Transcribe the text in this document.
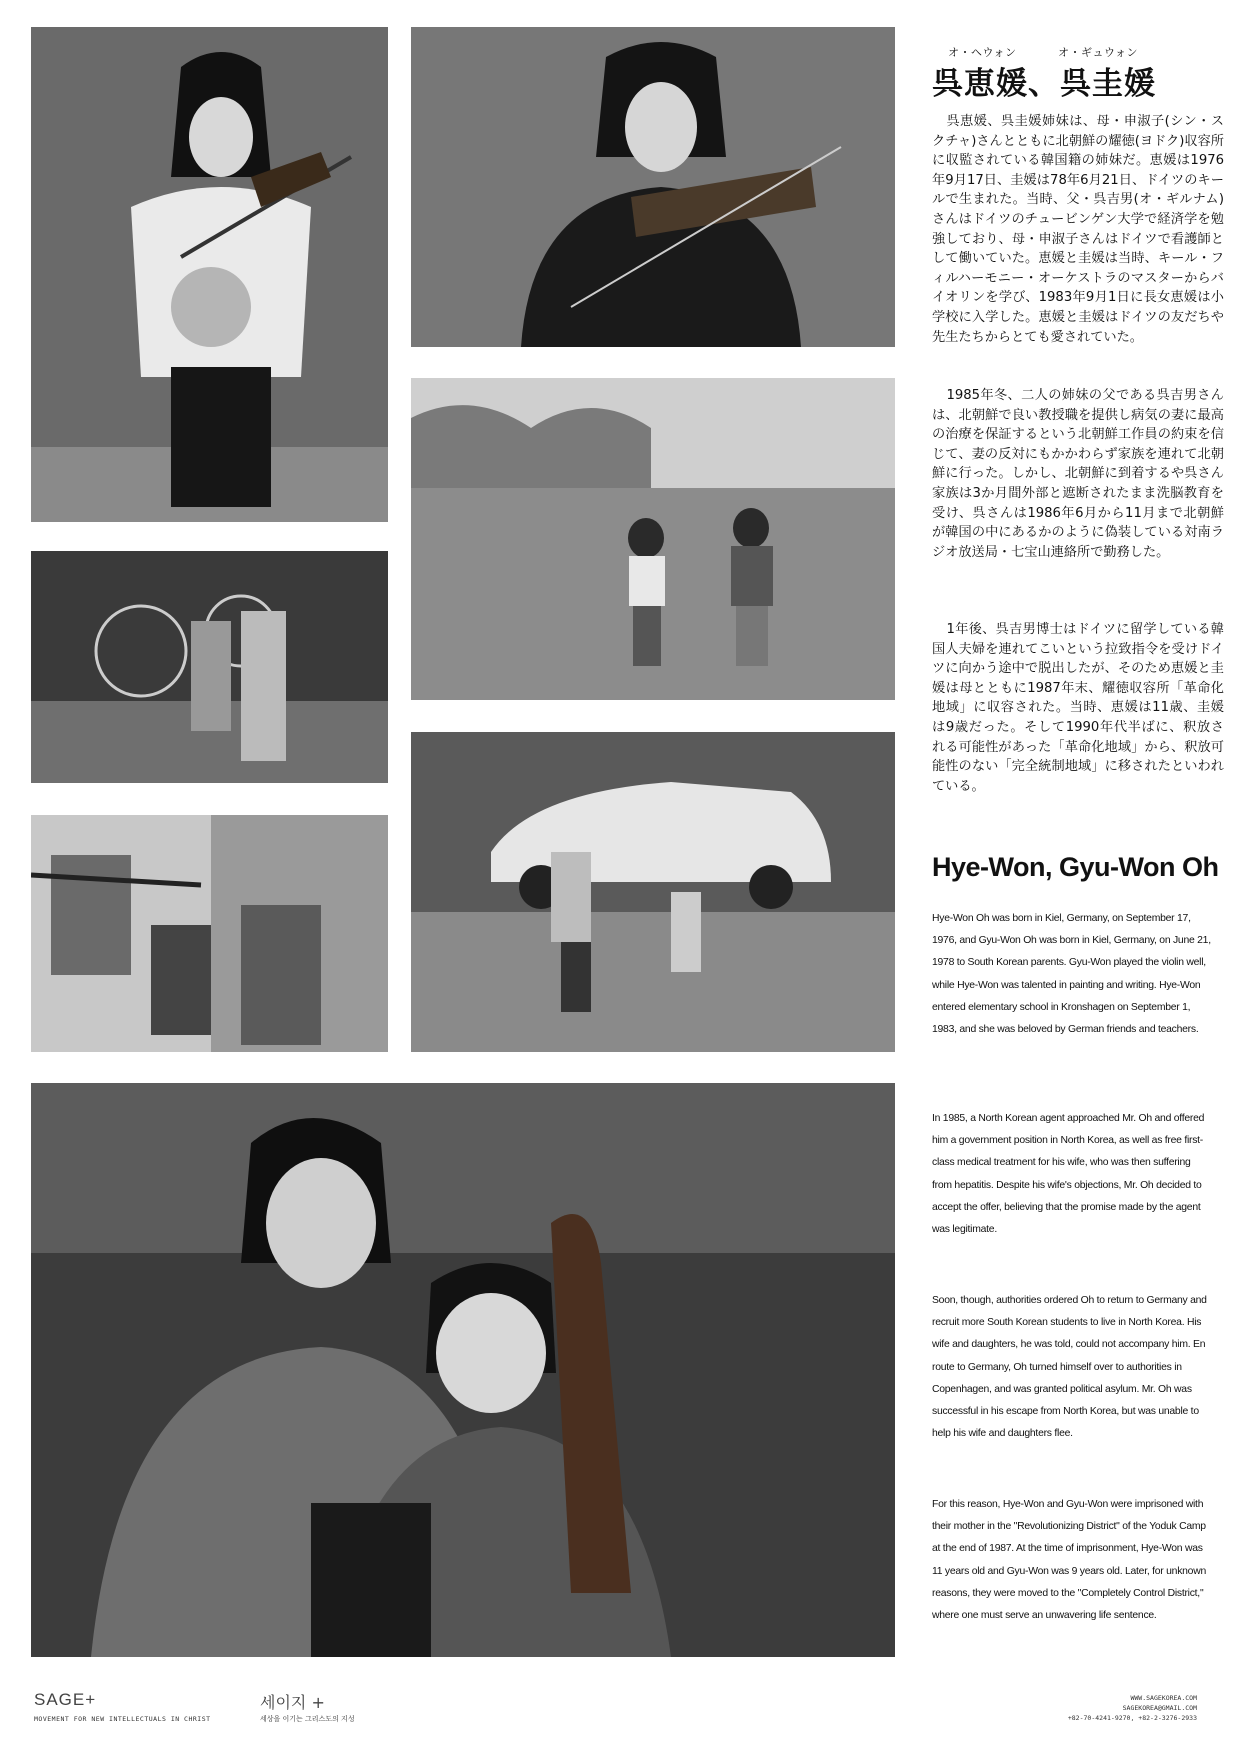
オ・ヘウォン	オ・ギュウォン
呉恵媛、呉圭媛

呉恵媛、呉圭媛姉妹は、母・申淑子(シン・スクチャ)さんとともに北朝鮮の耀徳(ヨドク)収容所に収監されている韓国籍の姉妹だ。恵媛は1976年9月17日、圭媛は78年6月21日、ドイツのキールで生まれた。当時、父・呉吉男(オ・ギルナム)さんはドイツのチュービンゲン大学で経済学を勉強しており、母・申淑子さんはドイツで看護師として働いていた。恵媛と圭媛は当時、キール・フィルハーモニー・オーケストラのマスターからバイオリンを学び、1983年9月1日に長女恵媛は小学校に入学した。恵媛と圭媛はドイツの友だちや先生たちからとても愛されていた。

1985年冬、二人の姉妹の父である呉吉男さんは、北朝鮮で良い教授職を提供し病気の妻に最高の治療を保証するという北朝鮮工作員の約束を信じて、妻の反対にもかかわらず家族を連れて北朝鮮に行った。しかし、北朝鮮に到着するや呉さん家族は3か月間外部と遮断されたまま洗脳教育を受け、呉さんは1986年6月から11月まで北朝鮮が韓国の中にあるかのように偽装している対南ラジオ放送局・七宝山連絡所で勤務した。

1年後、呉吉男博士はドイツに留学している韓国人夫婦を連れてこいという拉致指令を受けドイツに向かう途中で脱出したが、そのため恵媛と圭媛は母とともに1987年末、耀徳収容所「革命化地域」に収容された。当時、恵媛は11歳、圭媛は9歳だった。そして1990年代半ばに、釈放される可能性があった「革命化地域」から、釈放可能性のない「完全統制地域」に移されたといわれている。

Hye-Won, Gyu-Won Oh

Hye-Won Oh was born in Kiel, Germany, on September 17, 1976, and Gyu-Won Oh was born in Kiel, Germany, on June 21, 1978 to South Korean parents. Gyu-Won played the violin well, while Hye-Won was talented in painting and writing. Hye-Won entered elementary school in Kronshagen on September 1, 1983, and she was beloved by German friends and teachers.

In 1985, a North Korean agent approached Mr. Oh and offered him a government position in North Korea, as well as free first-class medical treatment for his wife, who was then suffering from hepatitis. Despite his wife's objections, Mr. Oh decided to accept the offer, believing that the promise made by the agent was legitimate.

Soon, though, authorities ordered Oh to return to Germany and recruit more South Korean students to live in North Korea. His wife and daughters, he was told, could not accompany him. En route to Germany, Oh turned himself over to authorities in Copenhagen, and was granted political asylum. Mr. Oh was successful in his escape from North Korea, but was unable to help his wife and daughters flee.

For this reason, Hye-Won and Gyu-Won were imprisoned with their mother in the "Revolutionizing District" of the Yoduk Camp at the end of 1987. At the time of imprisonment, Hye-Won was 11 years old and Gyu-Won was 9 years old. Later, for unknown reasons, they were moved to the "Completely Control District," where one must serve an unwavering life sentence.

SAGE+
MOVEMENT FOR NEW INTELLECTUALS IN CHRIST
세이지 +
세상을 이기는 그리스도의 지성
WWW.SAGEKOREA.COM
SAGEKOREA@GMAIL.COM
+82-70-4241-9270, +82-2-3276-2933
